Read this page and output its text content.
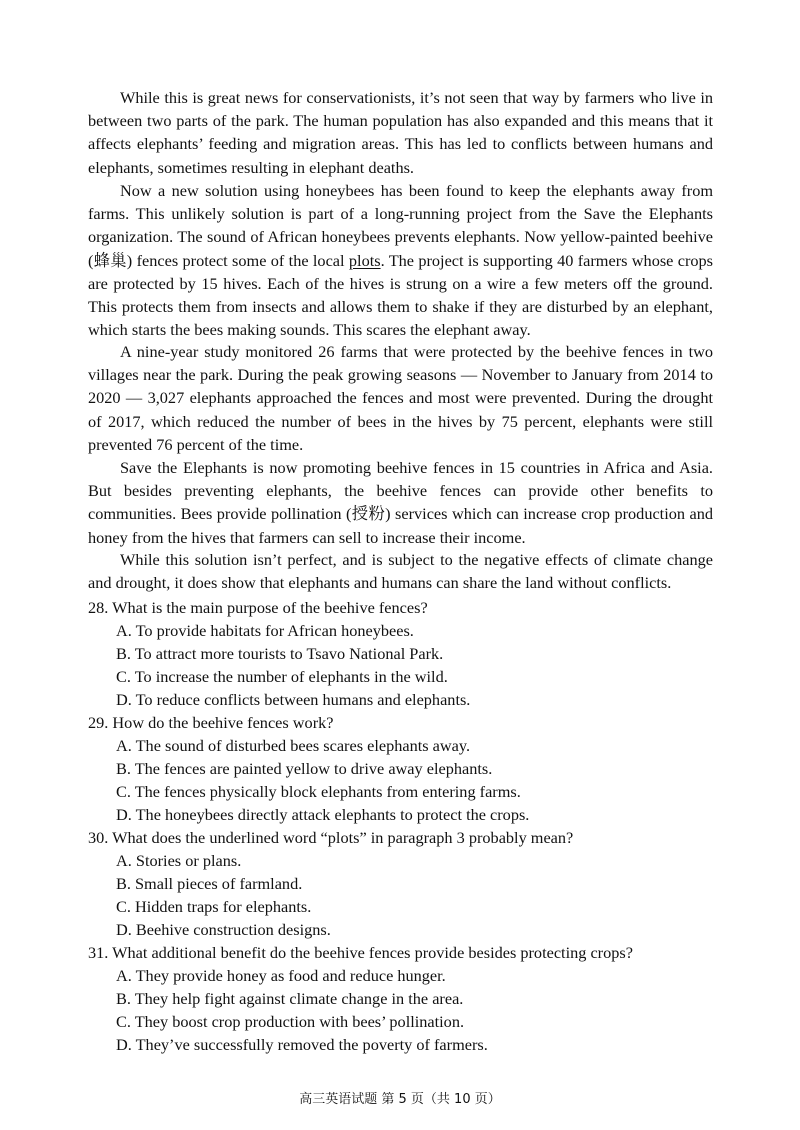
While this is great news for conservationists, it’s not seen that way by farmers who live in between two parts of the park. The human population has also expanded and this means that it affects elephants’ feeding and migration areas. This has led to conflicts between humans and elephants, sometimes resulting in elephant deaths.

Now a new solution using honeybees has been found to keep the elephants away from farms. This unlikely solution is part of a long-running project from the Save the Elephants organization. The sound of African honeybees prevents elephants. Now yellow-painted beehive (蜂巢) fences protect some of the local plots. The project is supporting 40 farmers whose crops are protected by 15 hives. Each of the hives is strung on a wire a few meters off the ground. This protects them from insects and allows them to shake if they are disturbed by an elephant, which starts the bees making sounds. This scares the elephant away.

A nine-year study monitored 26 farms that were protected by the beehive fences in two villages near the park. During the peak growing seasons — November to January from 2014 to 2020 — 3,027 elephants approached the fences and most were prevented. During the drought of 2017, which reduced the number of bees in the hives by 75 percent, elephants were still prevented 76 percent of the time.

Save the Elephants is now promoting beehive fences in 15 countries in Africa and Asia. But besides preventing elephants, the beehive fences can provide other benefits to communities. Bees provide pollination (授粉) services which can increase crop production and honey from the hives that farmers can sell to increase their income.

While this solution isn’t perfect, and is subject to the negative effects of climate change and drought, it does show that elephants and humans can share the land without conflicts.

28. What is the main purpose of the beehive fences?

A. To provide habitats for African honeybees.

B. To attract more tourists to Tsavo National Park.

C. To increase the number of elephants in the wild.

D. To reduce conflicts between humans and elephants.

29. How do the beehive fences work?

A. The sound of disturbed bees scares elephants away.

B. The fences are painted yellow to drive away elephants.

C. The fences physically block elephants from entering farms.

D. The honeybees directly attack elephants to protect the crops.

30. What does the underlined word “plots” in paragraph 3 probably mean?

A. Stories or plans.

B. Small pieces of farmland.

C. Hidden traps for elephants.

D. Beehive construction designs.

31. What additional benefit do the beehive fences provide besides protecting crops?

A. They provide honey as food and reduce hunger.

B. They help fight against climate change in the area.

C. They boost crop production with bees’ pollination.

D. They’ve successfully removed the poverty of farmers.

高三英语试题 第 5 页（共 10 页）
